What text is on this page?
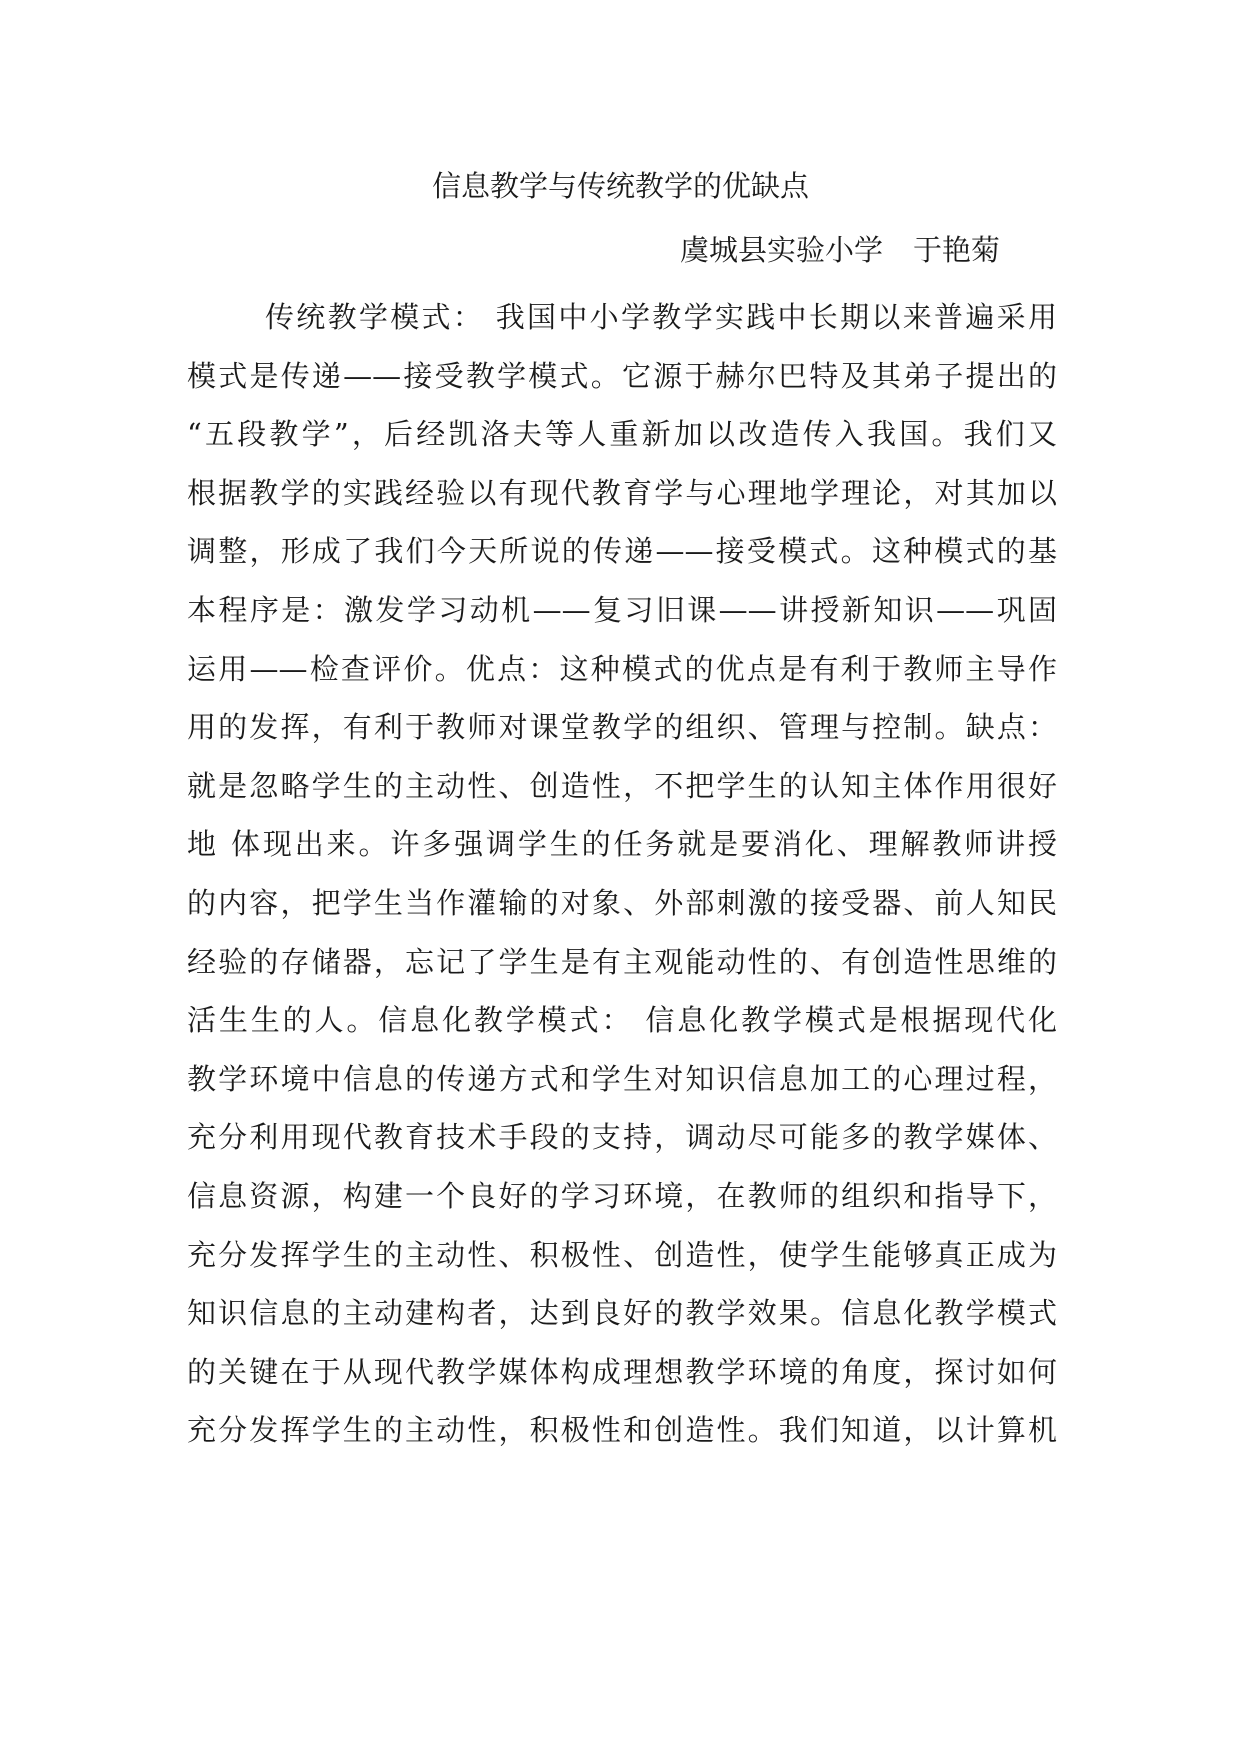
信息教学与传统教学的优缺点
虞城县实验小学 于艳菊
传统教学模式： 我国中小学教学实践中长期以来普遍采用
模式是传递——接受教学模式。它源于赫尔巴特及其弟子提出的
“五段教学”，后经凯洛夫等人重新加以改造传入我国。我们又
根据教学的实践经验以有现代教育学与心理地学理论，对其加以
调整，形成了我们今天所说的传递——接受模式。这种模式的基
本程序是：激发学习动机——复习旧课——讲授新知识——巩固
运用——检查评价。优点：这种模式的优点是有利于教师主导作
用的发挥，有利于教师对课堂教学的组织、管理与控制。缺点：
就是忽略学生的主动性、创造性，不把学生的认知主体作用很好
地 体现出来。许多强调学生的任务就是要消化、理解教师讲授
的内容，把学生当作灌输的对象、外部刺激的接受器、前人知民
经验的存储器，忘记了学生是有主观能动性的、有创造性思维的
活生生的人。信息化教学模式： 信息化教学模式是根据现代化
教学环境中信息的传递方式和学生对知识信息加工的心理过程，
充分利用现代教育技术手段的支持，调动尽可能多的教学媒体、
信息资源，构建一个良好的学习环境，在教师的组织和指导下，
充分发挥学生的主动性、积极性、创造性，使学生能够真正成为
知识信息的主动建构者，达到良好的教学效果。信息化教学模式
的关键在于从现代教学媒体构成理想教学环境的角度，探讨如何
充分发挥学生的主动性，积极性和创造性。我们知道，以计算机
